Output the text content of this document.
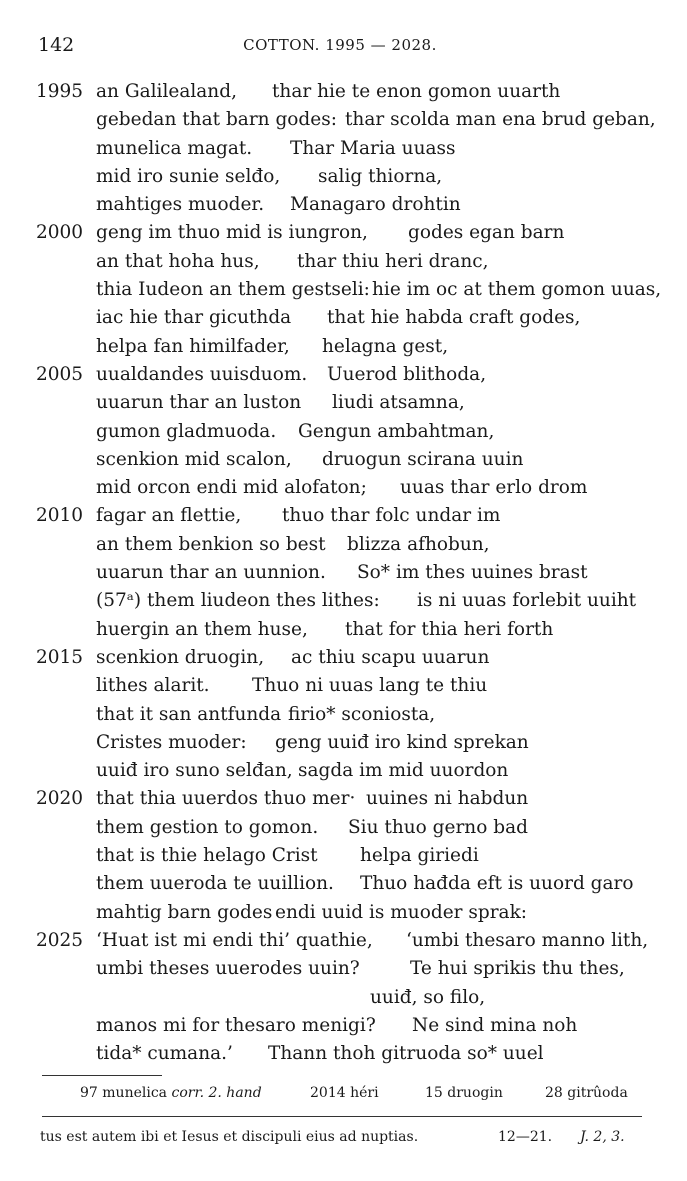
142	COTTON. 1995 — 2028.
1995 an Galilealand, thar hie te enon gomon uuarth
gebedan that barn godes: thar scolda man ena brud geban,
munelica magat. Thar Maria uuass
mid iro sunie selđo, salig thiorna,
mahtiges muoder. Managaro drohtin
2000 geng im thuo mid is iungron, godes egan barn
an that hoha hus, thar thiu heri dranc,
thia Iudeon an them gestseli: hie im oc at them gomon uuas,
iac hie thar gicuthda that hie habda craft godes,
helpa fan himilfader, helagna gest,
2005 uualdandes uuisduom. Uuerod blithoda,
uuarun thar an luston liudi atsamna,
gumon gladmuoda. Gengun ambahtman,
scenkion mid scalon, druogun scirana uuin
mid orcon endi mid alofaton; uuas thar erlo drom
2010 fagar an flettie, thuo thar folc undar im
an them benkion so best blizza afhobun,
uuarun thar an uunnion. So* im thes uuines brast
(57ᵃ) them liudeon thes lithes: is ni uuas forlebit uuiht
huergin an them huse, that for thia heri forth
2015 scenkion druogin, ac thiu scapu uuarun
lithes alarit. Thuo ni uuas lang te thiu
that it san antfunda firio* sconiosta,
Cristes muoder: geng uuiđ iro kind sprekan
uuiđ iro suno selđan, sagda im mid uuordon
2020 that thia uuerdos thuo mer· uuines ni habdun
them gestion to gomon. Siu thuo gerno bad
that is thie helago Crist helpa giriedi
them uueroda te uuillion. Thuo hađda eft is uuord garo
mahtig barn godes endi uuid is muoder sprak:
2025 ‘Huat ist mi endi thi’ quathie, ‘umbi thesaro manno lith,
umbi theses uuerodes uuin?	Te hui sprikis thu thes,
uuiđ, so filo,
manos mi for thesaro menigi? Ne sind mina noh
tida* cumana.’ Thann thoh gitruoda so* uuel
97 munelica corr. 2. hand	2014 héri	15 druogin	28 gitrûoda
tus est autem ibi et Iesus et discipuli eius ad nuptias.	12—21. J. 2, 3.
